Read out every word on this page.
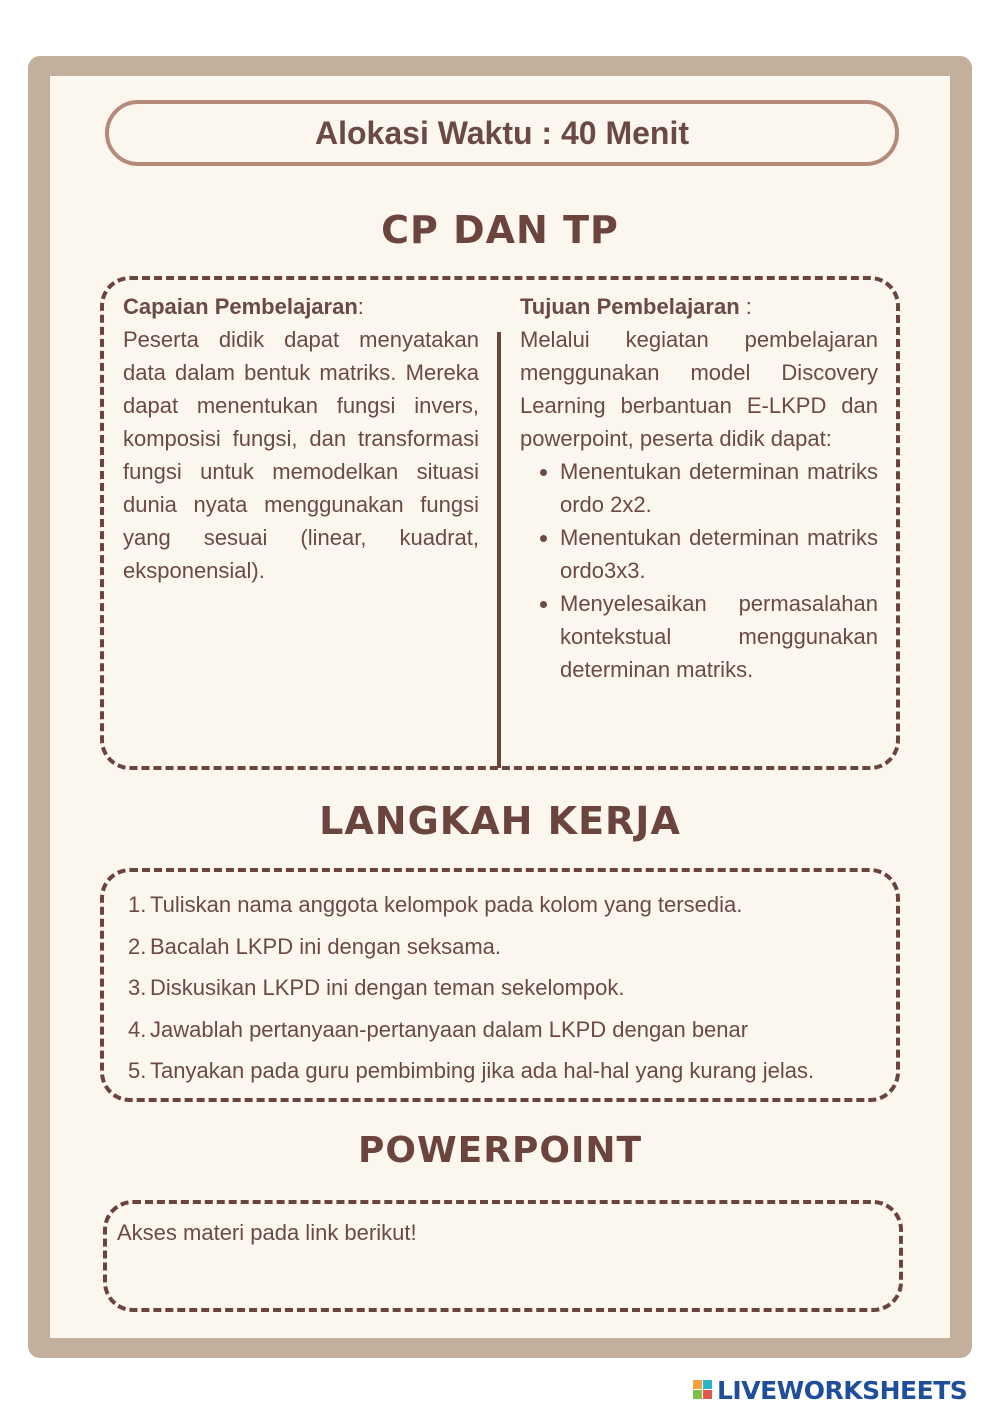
Alokasi Waktu : 40 Menit
CP DAN TP
Capaian Pembelajaran:

Peserta didik dapat menyatakan data dalam bentuk matriks. Mereka dapat menentukan fungsi invers, komposisi fungsi, dan transformasi fungsi untuk memodelkan situasi dunia nyata menggunakan fungsi yang sesuai (linear, kuadrat, eksponensial).

Tujuan Pembelajaran :

Melalui kegiatan pembelajaran menggunakan model Discovery Learning berbantuan E-LKPD dan powerpoint, peserta didik dapat:

• Menentukan determinan matriks ordo 2x2.
• Menentukan determinan matriks ordo3x3.
• Menyelesaikan permasalahan kontekstual menggunakan determinan matriks.
LANGKAH KERJA
1. Tuliskan nama anggota kelompok pada kolom yang tersedia.
2. Bacalah LKPD ini dengan seksama.
3. Diskusikan LKPD ini dengan teman sekelompok.
4. Jawablah pertanyaan-pertanyaan dalam LKPD dengan benar
5. Tanyakan pada guru pembimbing jika ada hal-hal yang kurang jelas.
POWERPOINT
Akses materi pada link berikut!
LIVEWORKSHEETS
